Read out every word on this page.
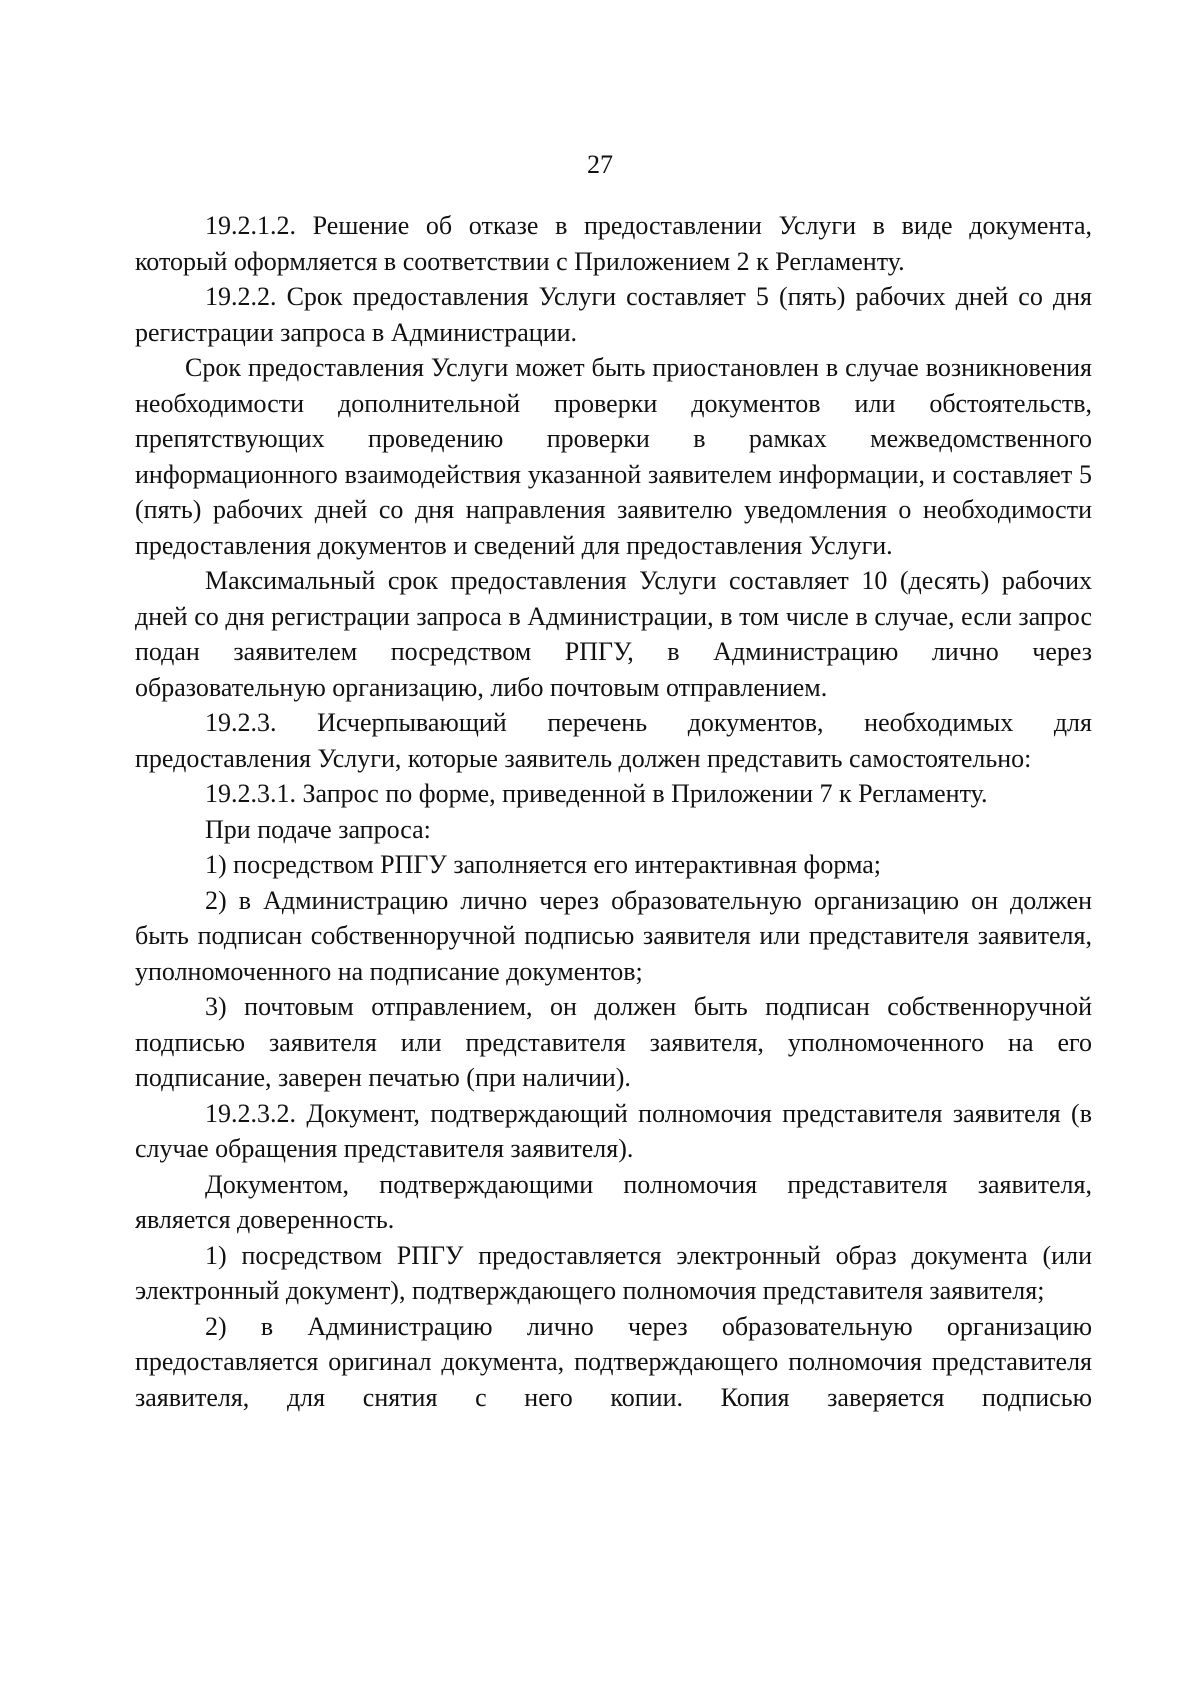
27

19.2.1.2. Решение об отказе в предоставлении Услуги в виде документа, который оформляется в соответствии с Приложением 2 к Регламенту.

19.2.2. Срок предоставления Услуги составляет 5 (пять) рабочих дней со дня регистрации запроса в Администрации.

Срок предоставления Услуги может быть приостановлен в случае возникновения необходимости дополнительной проверки документов или обстоятельств, препятствующих проведению проверки в рамках межведомственного информационного взаимодействия указанной заявителем информации, и составляет 5 (пять) рабочих дней со дня направления заявителю уведомления о необходимости предоставления документов и сведений для предоставления Услуги.

Максимальный срок предоставления Услуги составляет 10 (десять) рабочих дней со дня регистрации запроса в Администрации, в том числе в случае, если запрос подан заявителем посредством РПГУ, в Администрацию лично через образовательную организацию, либо почтовым отправлением.

19.2.3. Исчерпывающий перечень документов, необходимых для предоставления Услуги, которые заявитель должен представить самостоятельно:

19.2.3.1. Запрос по форме, приведенной в Приложении 7 к Регламенту.

При подаче запроса:

1) посредством РПГУ заполняется его интерактивная форма;

2) в Администрацию лично через образовательную организацию он должен быть подписан собственноручной подписью заявителя или представителя заявителя, уполномоченного на подписание документов;

3) почтовым отправлением, он должен быть подписан собственноручной подписью заявителя или представителя заявителя, уполномоченного на его подписание, заверен печатью (при наличии).

19.2.3.2. Документ, подтверждающий полномочия представителя заявителя (в случае обращения представителя заявителя).

Документом, подтверждающими полномочия представителя заявителя, является доверенность.

1) посредством РПГУ предоставляется электронный образ документа (или электронный документ), подтверждающего полномочия представителя заявителя;

2) в Администрацию лично через образовательную организацию предоставляется оригинал документа, подтверждающего полномочия представителя заявителя, для снятия с него копии. Копия заверяется подписью
